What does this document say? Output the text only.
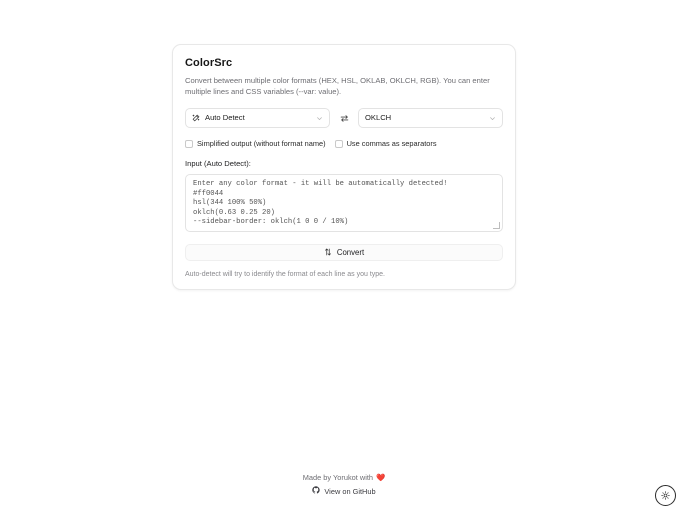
ColorSrc
Convert between multiple color formats (HEX, HSL, OKLAB, OKLCH, RGB). You can enter multiple lines and CSS variables (--var: value).
Auto Detect	OKLCH
Simplified output (without format name)	Use commas as separators
Input (Auto Detect):
Enter any color format - it will be automatically detected!
#ff0044
hsl(344 100% 50%)
oklch(0.63 0.25 20)
--sidebar-border: oklch(1 0 0 / 10%)
Convert
Auto-detect will try to identify the format of each line as you type.
Made by Yorukot with ❤️
View on GitHub
